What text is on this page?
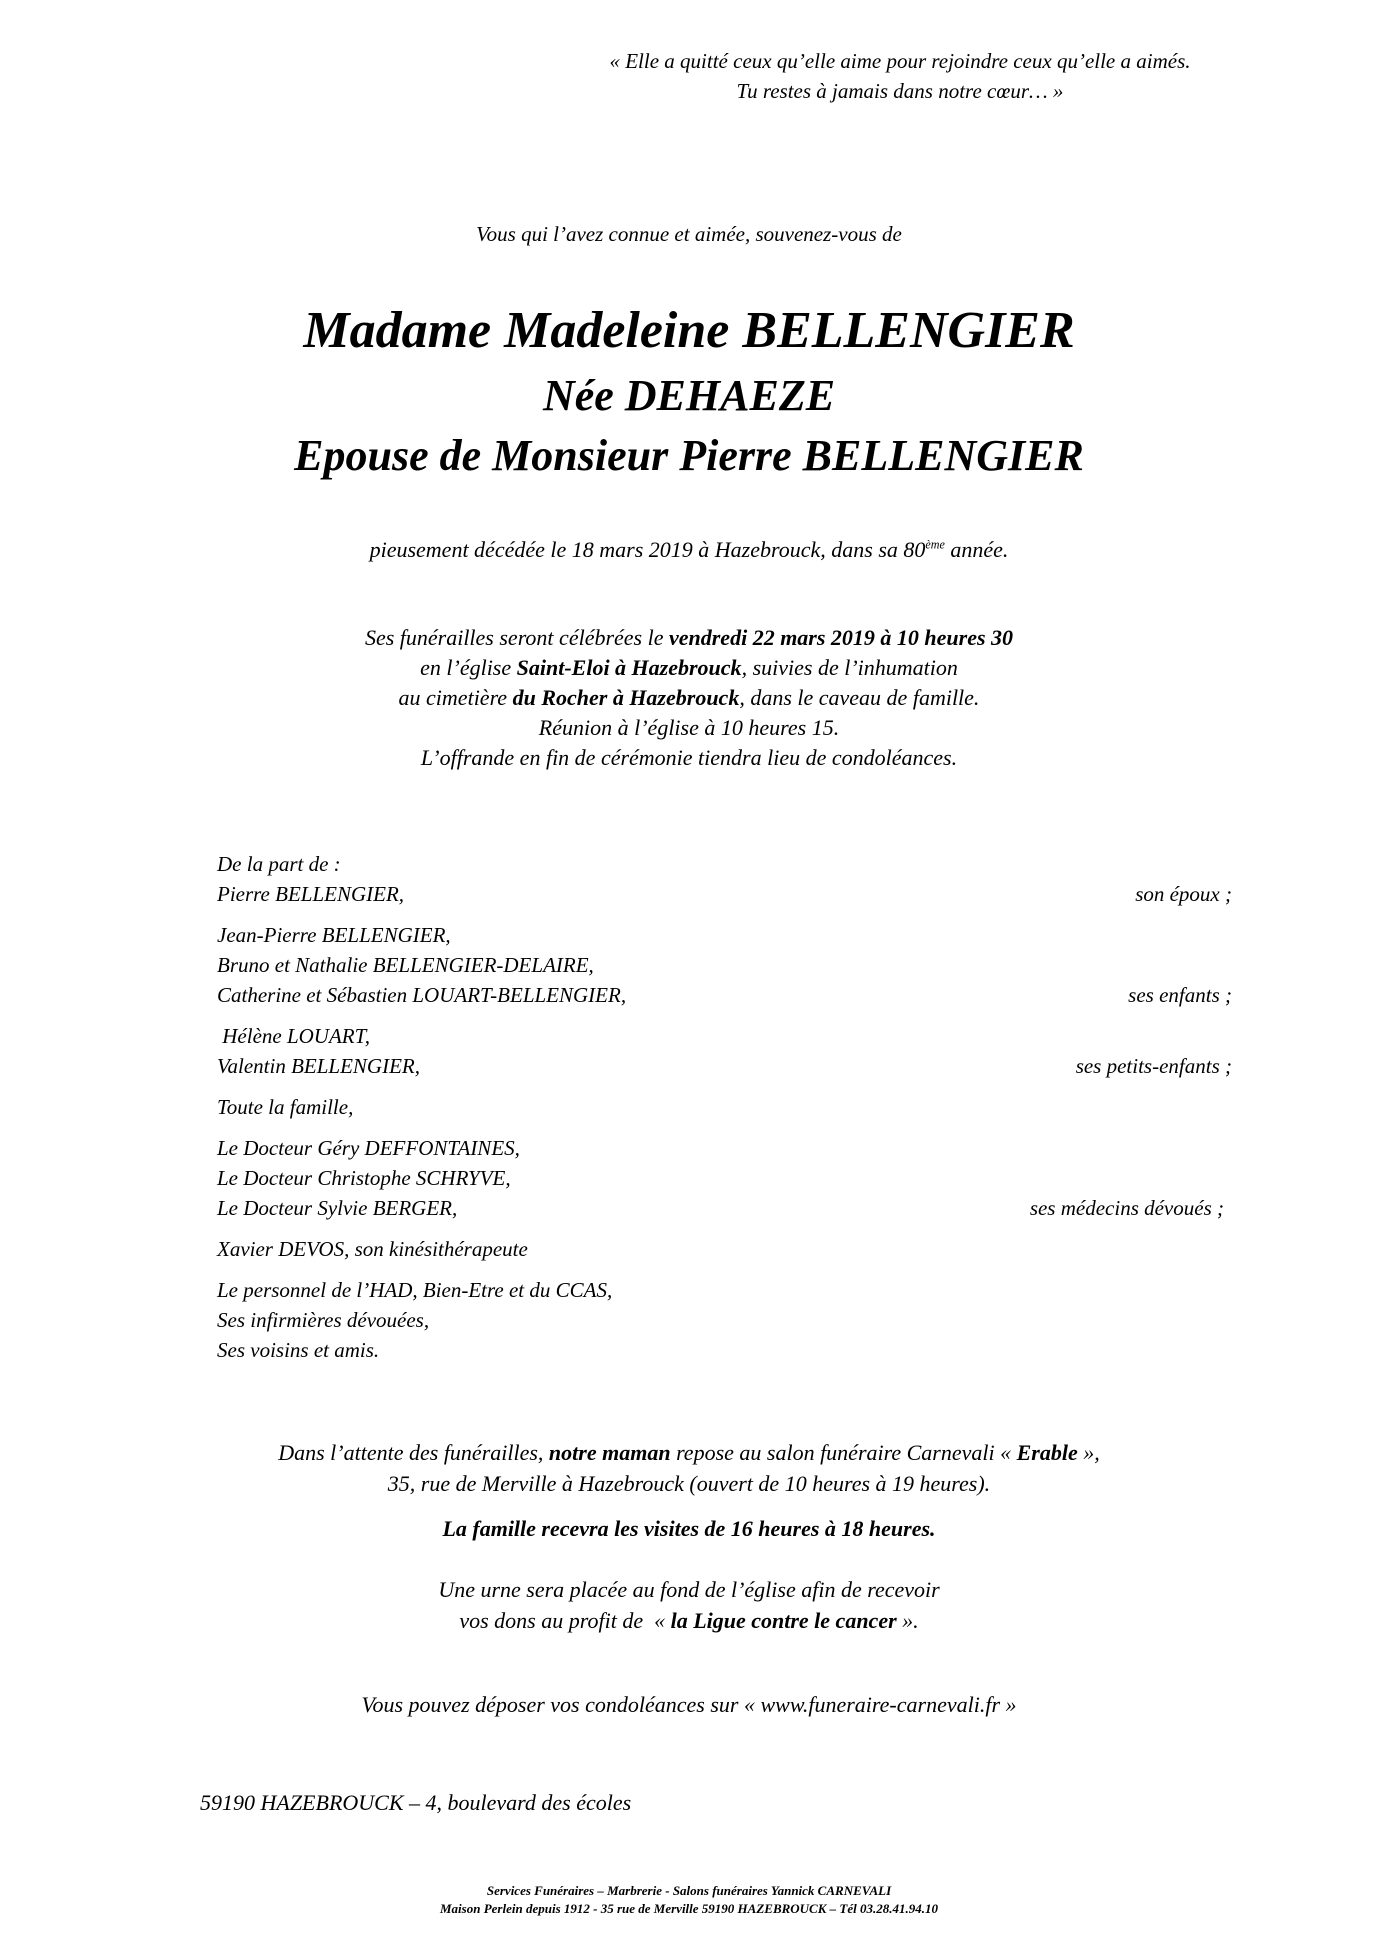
« Elle a quitté ceux qu’elle aime pour rejoindre ceux qu’elle a aimés.
Tu restes à jamais dans notre cœur… »
Vous qui l’avez connue et aimée, souvenez-vous de
Madame Madeleine BELLENGIER
Née DEHAEZE
Epouse de Monsieur Pierre BELLENGIER
pieusement décédée le 18 mars 2019 à Hazebrouck, dans sa 80ème année.
Ses funérailles seront célébrées le vendredi 22 mars 2019 à 10 heures 30
en l’église Saint-Eloi à Hazebrouck, suivies de l’inhumation
au cimetière du Rocher à Hazebrouck, dans le caveau de famille.
Réunion à l’église à 10 heures 15.
L’offrande en fin de cérémonie tiendra lieu de condoléances.
De la part de :
Pierre BELLENGIER,	son époux ;
Jean-Pierre BELLENGIER,
Bruno et Nathalie BELLENGIER-DELAIRE,
Catherine et Sébastien LOUART-BELLENGIER,	ses enfants ;
Hélène LOUART,
Valentin BELLENGIER,	ses petits-enfants ;
Toute la famille,
Le Docteur Géry DEFFONTAINES,
Le Docteur Christophe SCHRYVE,
Le Docteur Sylvie BERGER,	ses médecins dévoués ;
Xavier DEVOS, son kinésithérapeute
Le personnel de l’HAD, Bien-Etre et du CCAS,
Ses infirmières dévouées,
Ses voisins et amis.
Dans l’attente des funérailles, notre maman repose au salon funéraire Carnevali « Erable »,
35, rue de Merville à Hazebrouck (ouvert de 10 heures à 19 heures).
La famille recevra les visites de 16 heures à 18 heures.
Une urne sera placée au fond de l’église afin de recevoir
vos dons au profit de  « la Ligue contre le cancer ».
Vous pouvez déposer vos condoléances sur « www.funeraire-carnevali.fr »
59190 HAZEBROUCK – 4, boulevard des écoles
Services Funéraires – Marbrerie - Salons funéraires Yannick CARNEVALI
Maison Perlein depuis 1912 - 35 rue de Merville 59190 HAZEBROUCK – Tél 03.28.41.94.10
